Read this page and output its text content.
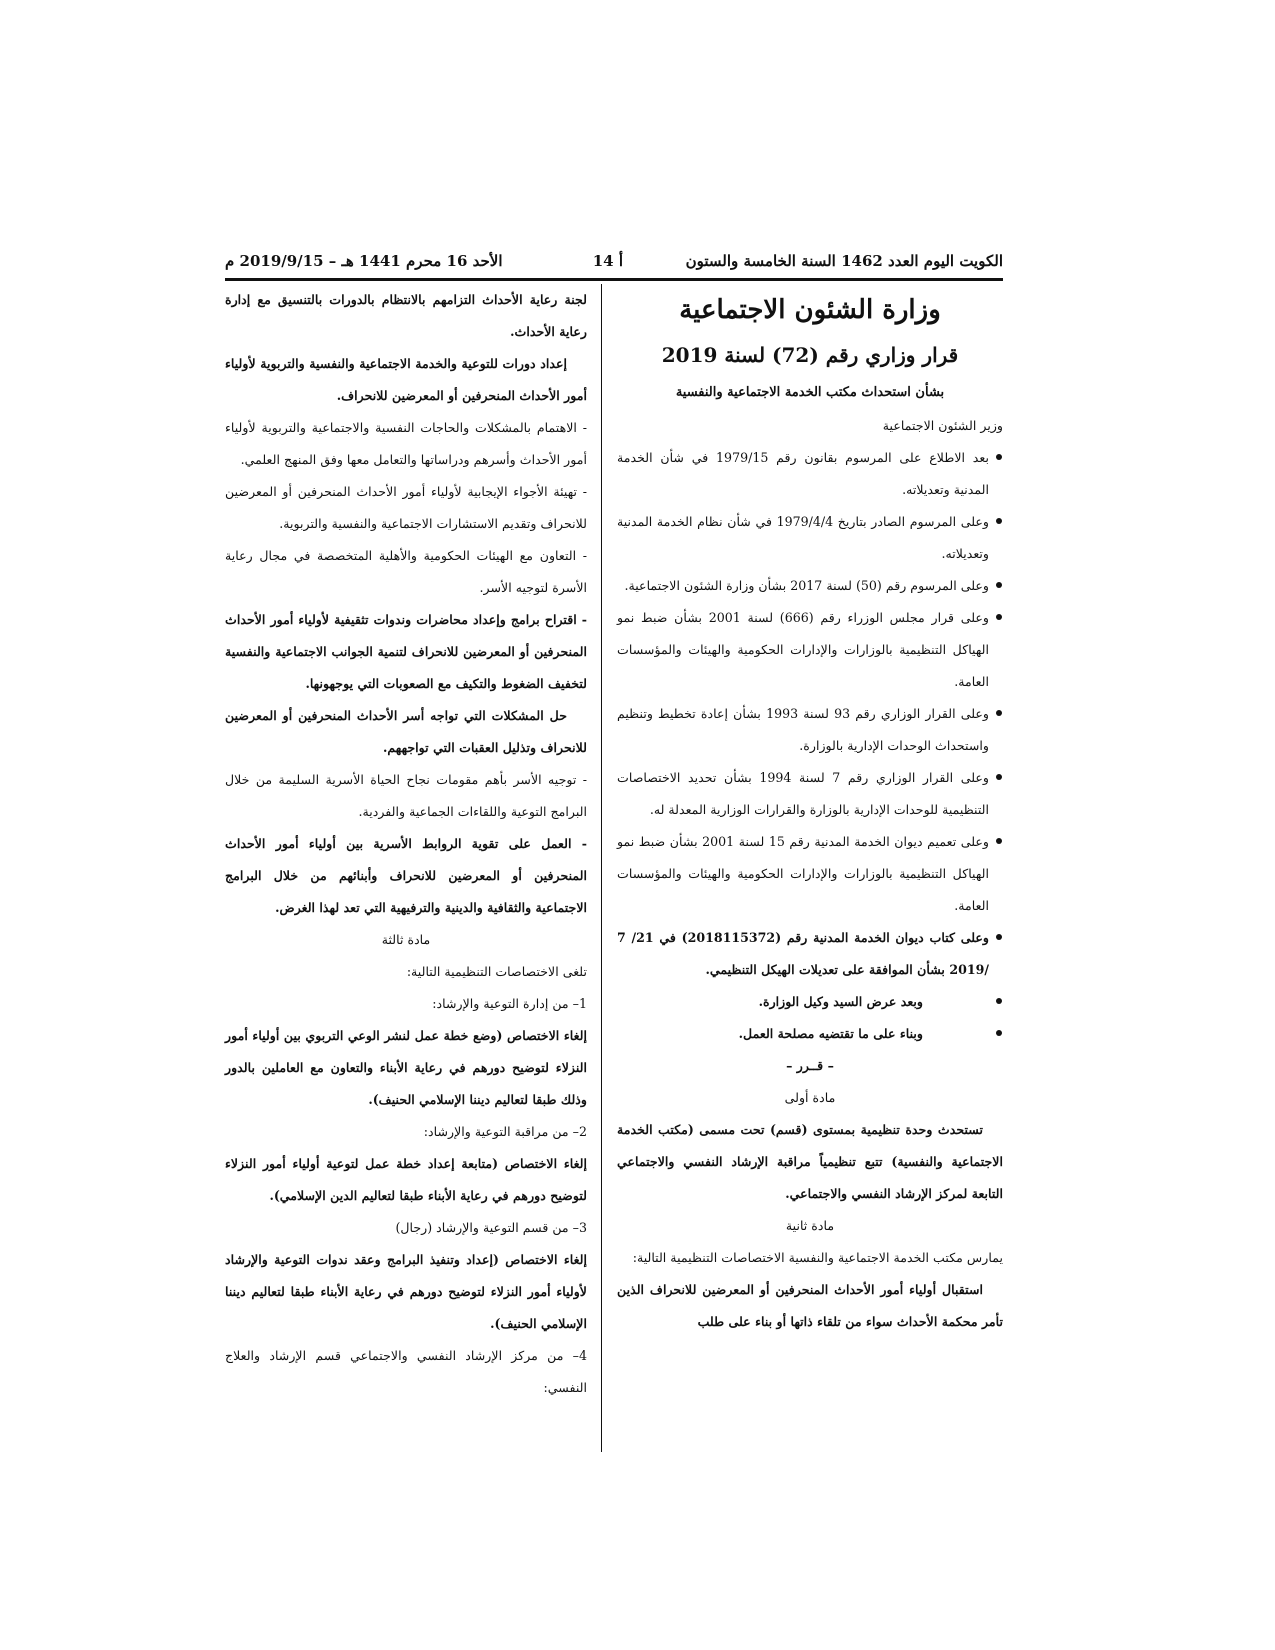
الكويت اليوم العدد 1462 السنة الخامسة والستون
أ 14
الأحد 16 محرم 1441 هـ – 2019/9/15 م

وزارة الشئون الاجتماعية

قرار وزاري رقم (72) لسنة 2019

بشأن استحداث مكتب الخدمة الاجتماعية والنفسية

وزير الشئون الاجتماعية

بعد الاطلاع على المرسوم بقانون رقم 1979/15 في شأن الخدمة المدنية وتعديلاته.

وعلى المرسوم الصادر بتاريخ 1979/4/4 في شأن نظام الخدمة المدنية وتعديلاته.

وعلى المرسوم رقم (50) لسنة 2017 بشأن وزارة الشئون الاجتماعية.

وعلى قرار مجلس الوزراء رقم (666) لسنة 2001 بشأن ضبط نمو الهياكل التنظيمية بالوزارات والإدارات الحكومية والهيئات والمؤسسات العامة.

وعلى القرار الوزاري رقم 93 لسنة 1993 بشأن إعادة تخطيط وتنظيم واستحداث الوحدات الإدارية بالوزارة.

وعلى القرار الوزاري رقم 7 لسنة 1994 بشأن تحديد الاختصاصات التنظيمية للوحدات الإدارية بالوزارة والقرارات الوزارية المعدلة له.

وعلى تعميم ديوان الخدمة المدنية رقم 15 لسنة 2001 بشأن ضبط نمو الهياكل التنظيمية بالوزارات والإدارات الحكومية والهيئات والمؤسسات العامة.

وعلى كتاب ديوان الخدمة المدنية رقم (2018115372) في 21/ 7 /2019 بشأن الموافقة على تعديلات الهيكل التنظيمي.

وبعد عرض السيد وكيل الوزارة.

وبناء على ما تقتضيه مصلحة العمل.

– قــرر –

مادة أولى

تستحدث وحدة تنظيمية بمستوى (قسم) تحت مسمى (مكتب الخدمة الاجتماعية والنفسية) تتبع تنظيمياً مراقبة الإرشاد النفسي والاجتماعي التابعة لمركز الإرشاد النفسي والاجتماعي.

مادة ثانية

يمارس مكتب الخدمة الاجتماعية والنفسية الاختصاصات التنظيمية التالية:

استقبال أولياء أمور الأحداث المنحرفين أو المعرضين للانحراف الذين تأمر محكمة الأحداث سواء من تلقاء ذاتها أو بناء على طلب

لجنة رعاية الأحداث التزامهم بالانتظام بالدورات بالتنسيق مع إدارة رعاية الأحداث.

إعداد دورات للتوعية والخدمة الاجتماعية والنفسية والتربوية لأولياء أمور الأحداث المنحرفين أو المعرضين للانحراف.

- الاهتمام بالمشكلات والحاجات النفسية والاجتماعية والتربوية لأولياء أمور الأحداث وأسرهم ودراساتها والتعامل معها وفق المنهج العلمي.

- تهيئة الأجواء الإيجابية لأولياء أمور الأحداث المنحرفين أو المعرضين للانحراف وتقديم الاستشارات الاجتماعية والنفسية والتربوية.

- التعاون مع الهيئات الحكومية والأهلية المتخصصة في مجال رعاية الأسرة لتوجيه الأسر.

- اقتراح برامج وإعداد محاضرات وندوات تثقيفية لأولياء أمور الأحداث المنحرفين أو المعرضين للانحراف لتنمية الجوانب الاجتماعية والنفسية لتخفيف الضغوط والتكيف مع الصعوبات التي يوجهونها.

حل المشكلات التي تواجه أسر الأحداث المنحرفين أو المعرضين للانحراف وتذليل العقبات التي تواجههم.

- توجيه الأسر بأهم مقومات نجاح الحياة الأسرية السليمة من خلال البرامج التوعية واللقاءات الجماعية والفردية.

- العمل على تقوية الروابط الأسرية بين أولياء أمور الأحداث المنحرفين أو المعرضين للانحراف وأبنائهم من خلال البرامج الاجتماعية والثقافية والدينية والترفيهية التي تعد لهذا الغرض.

مادة ثالثة

تلغى الاختصاصات التنظيمية التالية:

1– من إدارة التوعية والإرشاد:

إلغاء الاختصاص (وضع خطة عمل لنشر الوعي التربوي بين أولياء أمور النزلاء لتوضيح دورهم في رعاية الأبناء والتعاون مع العاملين بالدور وذلك طبقا لتعاليم ديننا الإسلامي الحنيف).

2– من مراقبة التوعية والإرشاد:

إلغاء الاختصاص (متابعة إعداد خطة عمل لتوعية أولياء أمور النزلاء لتوضيح دورهم في رعاية الأبناء طبقا لتعاليم الدين الإسلامي).

3– من قسم التوعية والإرشاد (رجال)

إلغاء الاختصاص (إعداد وتنفيذ البرامج وعقد ندوات التوعية والإرشاد لأولياء أمور النزلاء لتوضيح دورهم في رعاية الأبناء طبقا لتعاليم ديننا الإسلامي الحنيف).

4– من مركز الإرشاد النفسي والاجتماعي قسم الإرشاد والعلاج النفسي:
